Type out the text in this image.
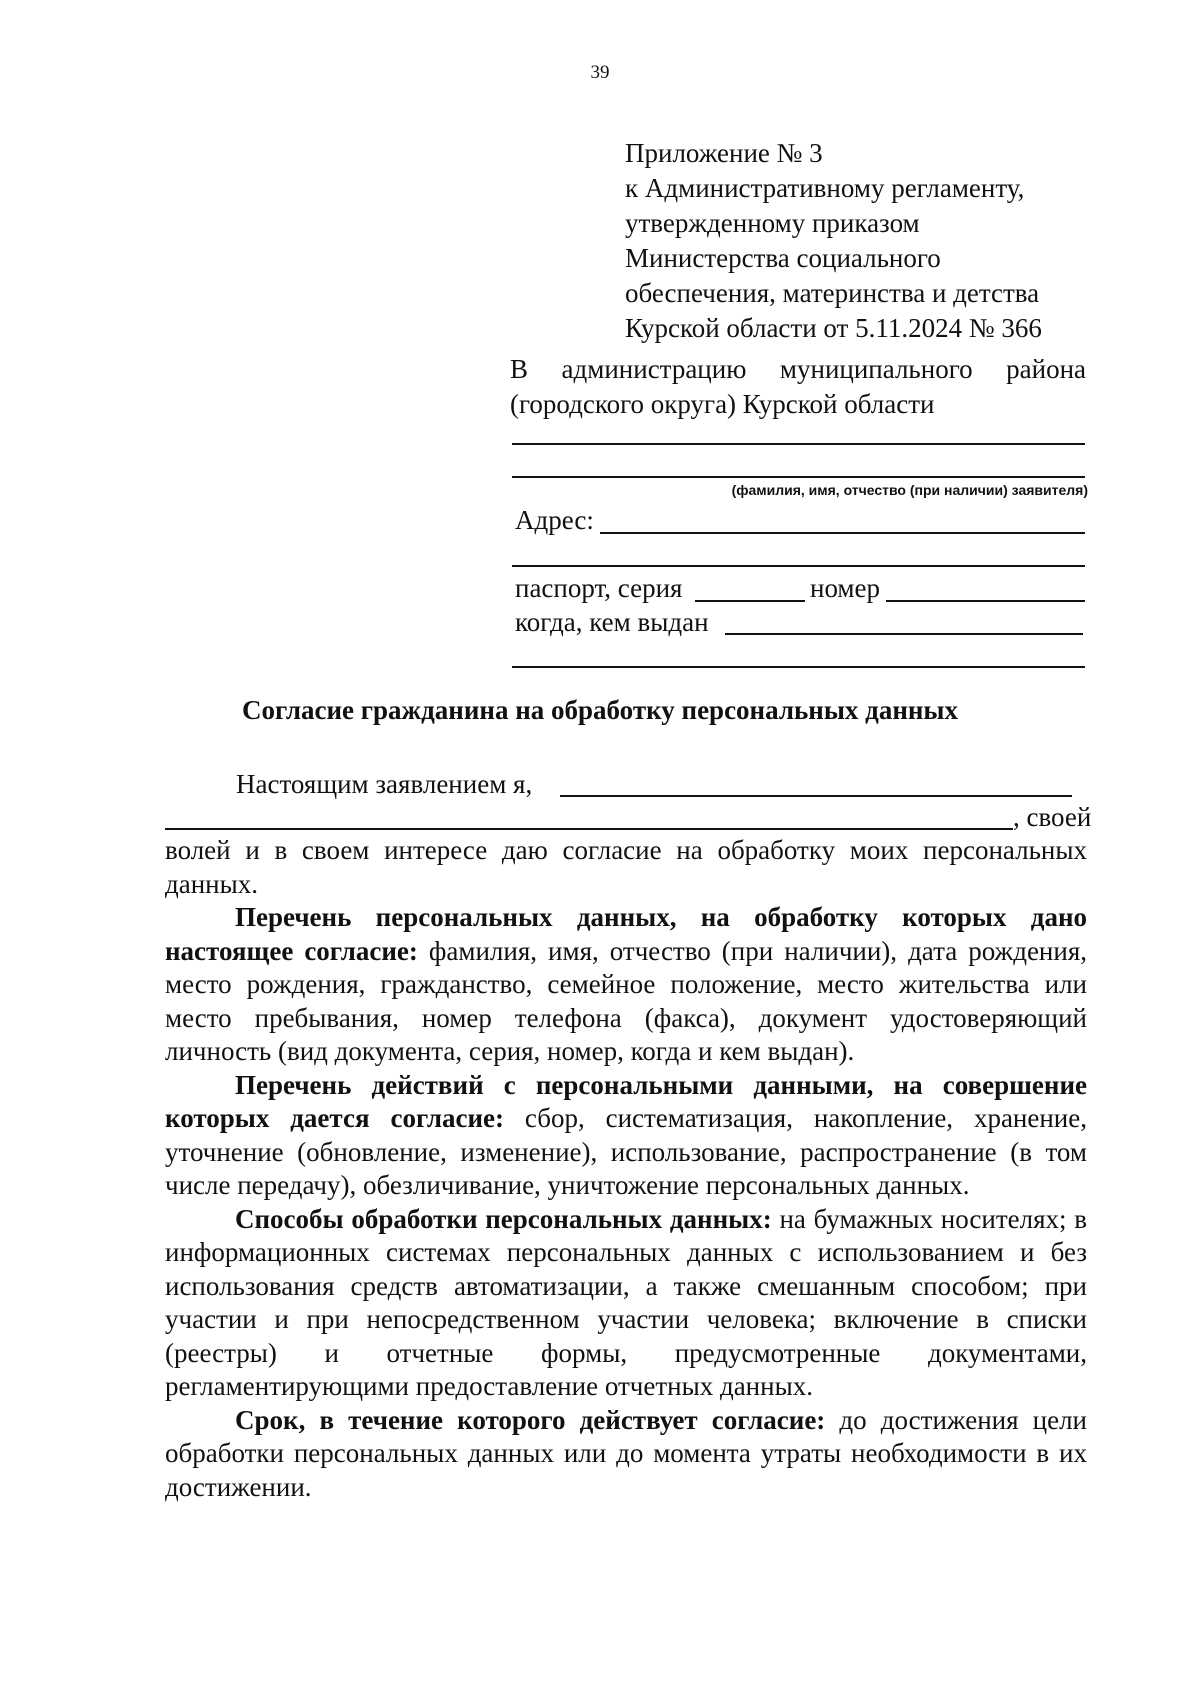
39
Приложение № 3
к Административному регламенту,
утвержденному приказом
Министерства социального
обеспечения, материнства и детства
Курской области от 5.11.2024 № 366
В администрацию муниципального района
(городского округа) Курской области
(фамилия, имя, отчество (при наличии) заявителя)
Адрес:
паспорт, серия	номер
когда, кем выдан
Согласие гражданина на обработку персональных данных
Настоящим заявлением я,
, своей
волей и в своем интересе даю согласие на обработку моих персональных данных.

Перечень персональных данных, на обработку которых дано настоящее согласие: фамилия, имя, отчество (при наличии), дата рождения, место рождения, гражданство, семейное положение, место жительства или место пребывания, номер телефона (факса), документ удостоверяющий личность (вид документа, серия, номер, когда и кем выдан).

Перечень действий с персональными данными, на совершение которых дается согласие: сбор, систематизация, накопление, хранение, уточнение (обновление, изменение), использование, распространение (в том числе передачу), обезличивание, уничтожение персональных данных.

Способы обработки персональных данных: на бумажных носителях; в информационных системах персональных данных с использованием и без использования средств автоматизации, а также смешанным способом; при участии и при непосредственном участии человека; включение в списки (реестры) и отчетные формы, предусмотренные документами, регламентирующими предоставление отчетных данных.

Срок, в течение которого действует согласие: до достижения цели обработки персональных данных или до момента утраты необходимости в их достижении.
